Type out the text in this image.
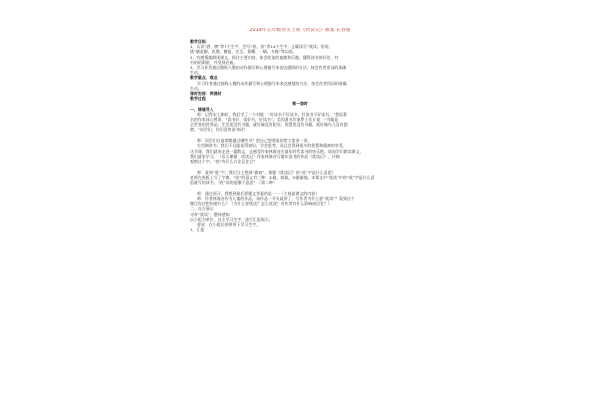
2019年五年级语文上册《欣读记》教案 长春版
教学目标：
1、认识“洒、脾”等7个生字，会写“欣、扮”等14个生字；正确读写“欣读、扮装、
挑”辅赶脚、饥饿、横祖、完呈、着曙、一蜗、支握”等词语。
2、有感情地朗读课文，抓住主要内容，体会欣读的童趣和乐趣，懂得读书的好处，对
书的的渴望，并受到启迪。
3、学习作者通过细致入微的动作描写和心理描写来表达感情的方法，体会作者用词的准确
生动。
教学重点、难点
学习作者通过细致入微的动作描写和心理描写来表达感情的方法，体会作者用词的准确
生动。
课时安排：两课时
教学过程
第一课时
一、情境导入
师：记得宋七朗时，我们学了一个对联：“好读书不好读书，好读书不好读书。”我国著
名的作家冰心曾说：“读书好，读好书，好读书”。美国著名作家罗士比丘说：“书籍是
全世界的营养品，生活里没有书籍，就好像没有阳光；智慧里没有书籍，就好像鸟儿没有翅
膀。”同学们，你们喜欢读书吗？
师：同学们在前期都做过哪些书？把自己想要说的给大家讲一讲。
生用调讲书：我们不仅能获得知识，学会思考，而且会得到很多的智慧和精神的享受，
这节课，我们就来走进一篇散文，去感受作家林海音在童年时代读书的快乐吧。请同学们朗读课文，
我们就来学习。（出示课题：欣读记）作家林海音写童年读书的作品《欣读记》，仔细
观察这个字。“欣”有什么方法记住它？
师：看到“欣”字，我们马上想到“偷窃”，课题《欣读记》的“欣”字是什么意思？
老师在黑板上写了字典，“欣”的意义有三种：①偷，窃取。②偷偷地。③课文中“欣读”中的“欣”字是什么意
思就写的读书，“欣”读的是哪个意思？（第二种）
师：通过预习，我想到最后要题文答案的是一一（主观流课文的内容）
师：作者林海音作为儿童的作品，该作品一开头就讲了，写作者为什么要“欣读”？看到这个
题目你还想知道什么？（为什么要欣读？怎么欣读？对作者有什么影响或启发？）
二、自古展示
寻奇“欣读”，整体感知
以小组为单位，自主学习生字，进行汇报展示。
要求：在小组长的带领下学习生字。
1、汇报
